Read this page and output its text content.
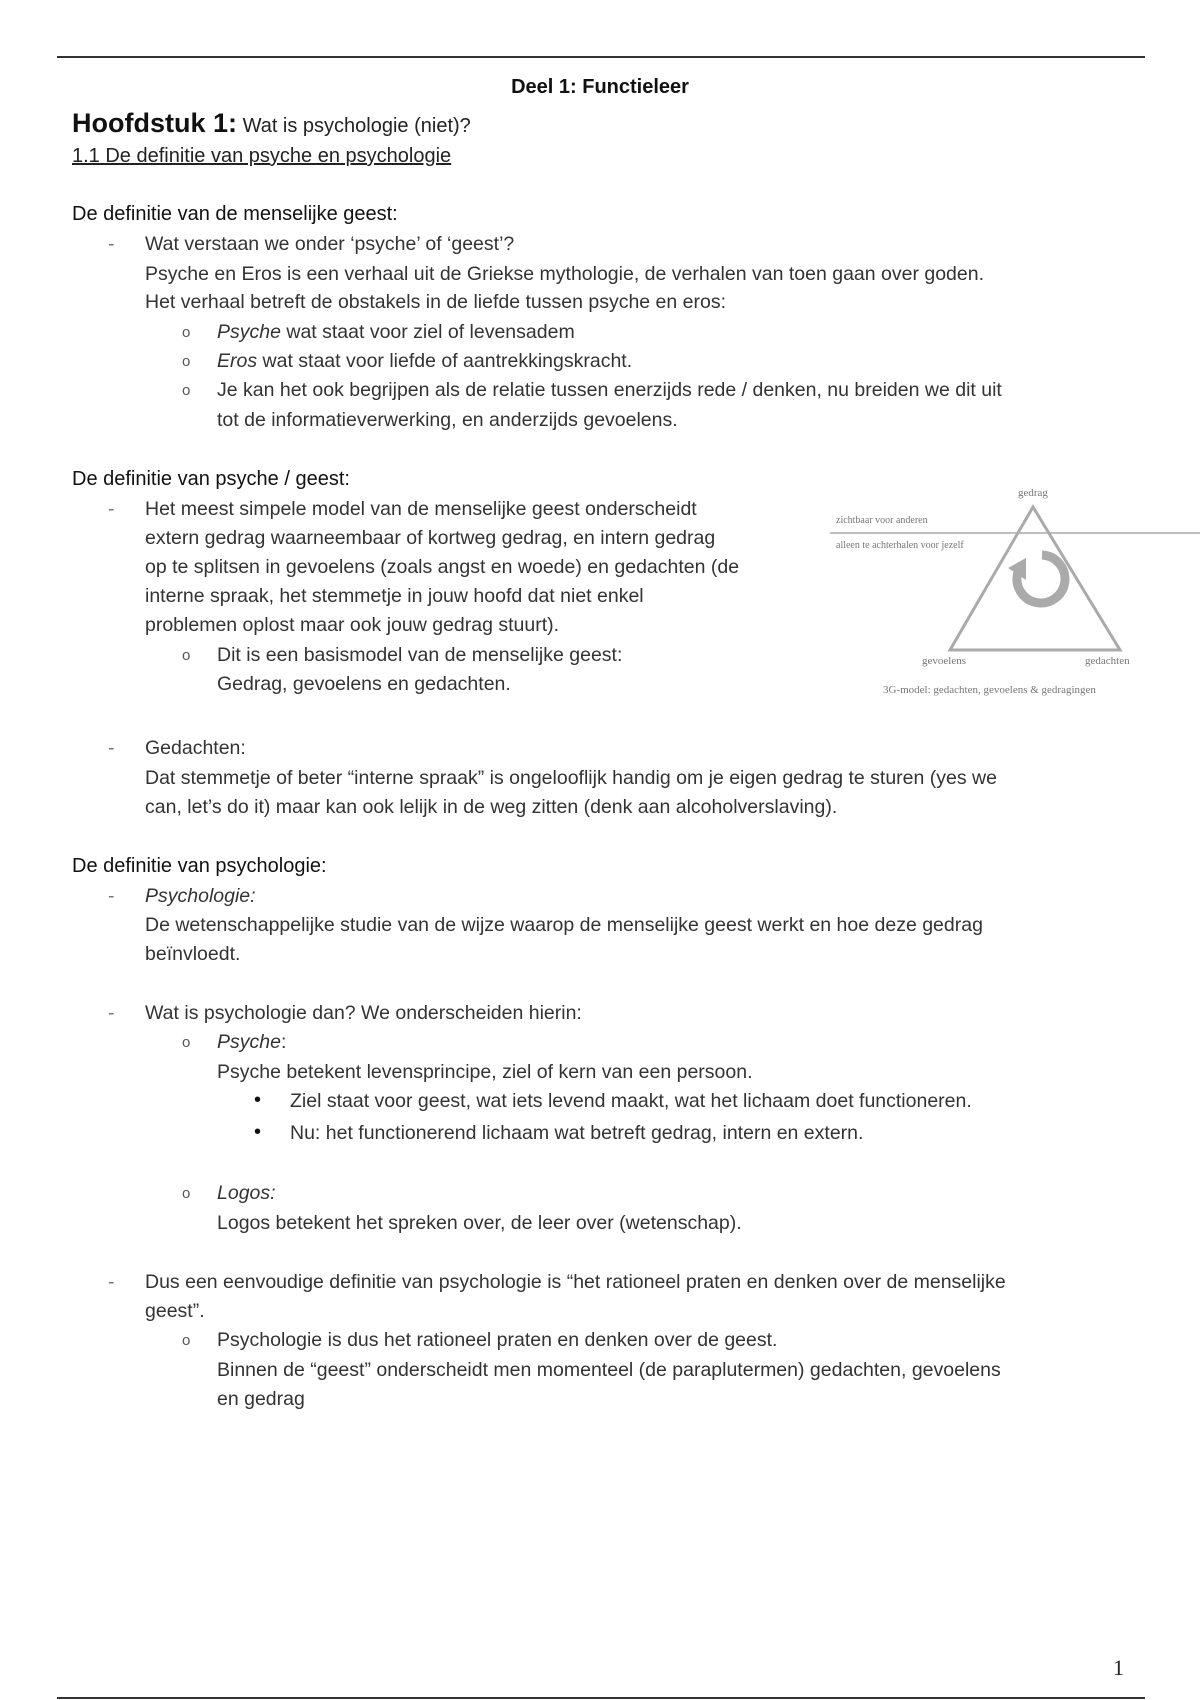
Deel 1: Functieleer
Hoofdstuk 1: Wat is psychologie (niet)?
1.1 De definitie van psyche en psychologie
De definitie van de menselijke geest:
- Wat verstaan we onder ‘psyche’ of ‘geest’?
Psyche en Eros is een verhaal uit de Griekse mythologie, de verhalen van toen gaan over goden.
Het verhaal betreft de obstakels in de liefde tussen psyche en eros:
o Psyche wat staat voor ziel of levensadem
o Eros wat staat voor liefde of aantrekkingskracht.
o Je kan het ook begrijpen als de relatie tussen enerzijds rede / denken, nu breiden we dit uit
tot de informatieverwerking, en anderzijds gevoelens.
De definitie van psyche / geest:
- Het meest simpele model van de menselijke geest onderscheidt
extern gedrag waarneembaar of kortweg gedrag, en intern gedrag
op te splitsen in gevoelens (zoals angst en woede) en gedachten (de
interne spraak, het stemmetje in jouw hoofd dat niet enkel
problemen oplost maar ook jouw gedrag stuurt).
o Dit is een basismodel van de menselijke geest:
Gedrag, gevoelens en gedachten.
gedrag
zichtbaar voor anderen
alleen te achterhalen voor jezelf
gevoelens	gedachten
3G-model: gedachten, gevoelens & gedragingen
- Gedachten:
Dat stemmetje of beter “interne spraak” is ongelooflijk handig om je eigen gedrag te sturen (yes we
can, let’s do it) maar kan ook lelijk in de weg zitten (denk aan alcoholverslaving).
De definitie van psychologie:
- Psychologie:
De wetenschappelijke studie van de wijze waarop de menselijke geest werkt en hoe deze gedrag
beïnvloedt.
- Wat is psychologie dan? We onderscheiden hierin:
o Psyche:
Psyche betekent levensprincipe, ziel of kern van een persoon.
• Ziel staat voor geest, wat iets levend maakt, wat het lichaam doet functioneren.
• Nu: het functionerend lichaam wat betreft gedrag, intern en extern.
o Logos:
Logos betekent het spreken over, de leer over (wetenschap).
- Dus een eenvoudige definitie van psychologie is “het rationeel praten en denken over de menselijke
geest”.
o Psychologie is dus het rationeel praten en denken over de geest.
Binnen de “geest” onderscheidt men momenteel (de paraplutermen) gedachten, gevoelens
en gedrag
1
